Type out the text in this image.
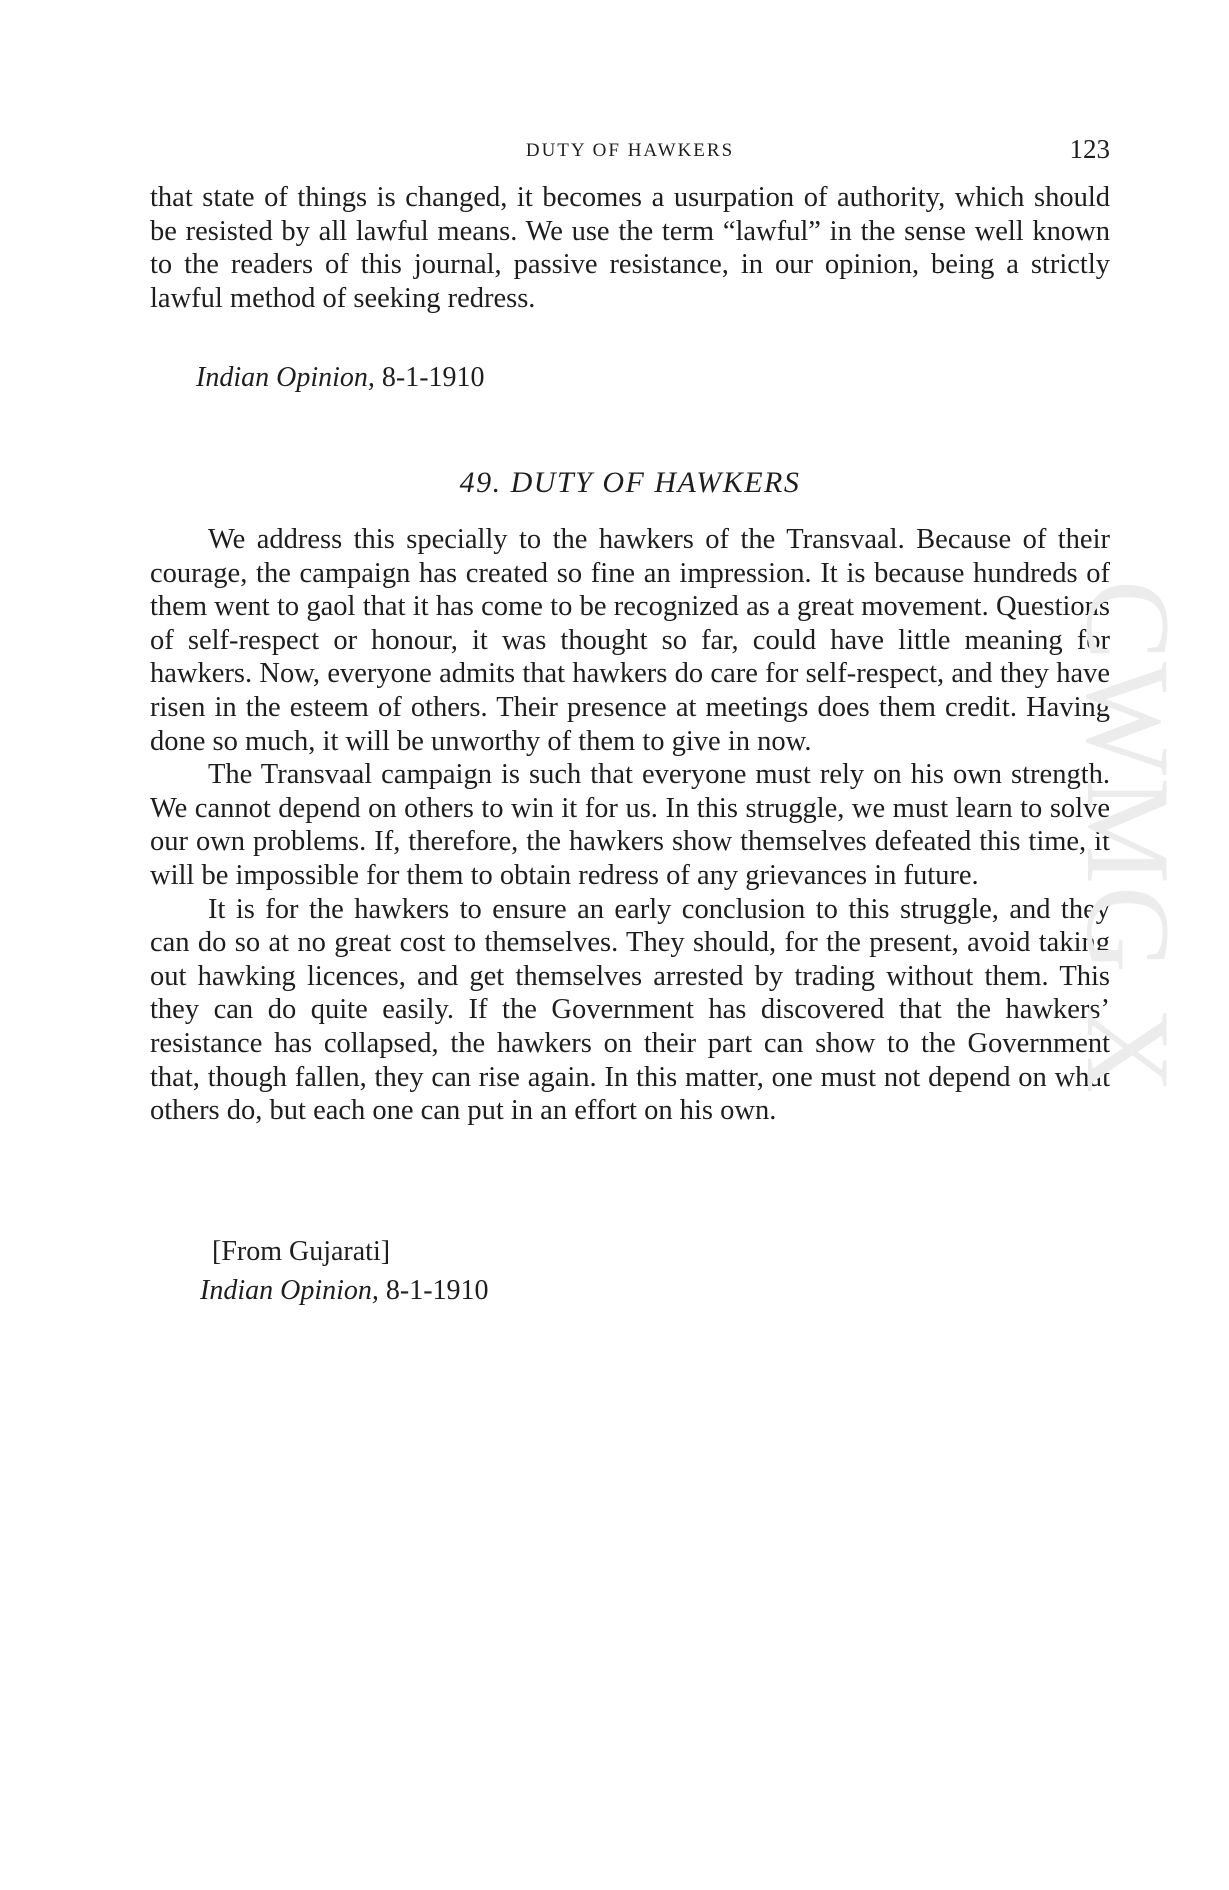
DUTY OF HAWKERS	123

that state of things is changed, it becomes a usurpation of authority, which should be resisted by all lawful means. We use the term “lawful” in the sense well known to the readers of this journal, passive resistance, in our opinion, being a strictly lawful method of seeking redress.

Indian Opinion, 8-1-1910
49. DUTY OF HAWKERS

We address this specially to the hawkers of the Transvaal. Because of their courage, the campaign has created so fine an impression. It is because hundreds of them went to gaol that it has come to be recognized as a great movement. Questions of self-respect or honour, it was thought so far, could have little meaning for hawkers. Now, everyone admits that hawkers do care for self-respect, and they have risen in the esteem of others. Their presence at meetings does them credit. Having done so much, it will be unworthy of them to give in now.

The Transvaal campaign is such that everyone must rely on his own strength. We cannot depend on others to win it for us. In this struggle, we must learn to solve our own problems. If, therefore, the hawkers show themselves defeated this time, it will be impossible for them to obtain redress of any grievances in future.

It is for the hawkers to ensure an early conclusion to this struggle, and they can do so at no great cost to themselves. They should, for the present, avoid taking out hawking licences, and get themselves arrested by trading without them. This they can do quite easily. If the Government has discovered that the hawkers’ resistance has collapsed, the hawkers on their part can show to the Government that, though fallen, they can rise again. In this matter, one must not depend on what others do, but each one can put in an effort on his own.

[From Gujarati]
Indian Opinion, 8-1-1910
CWMG X
